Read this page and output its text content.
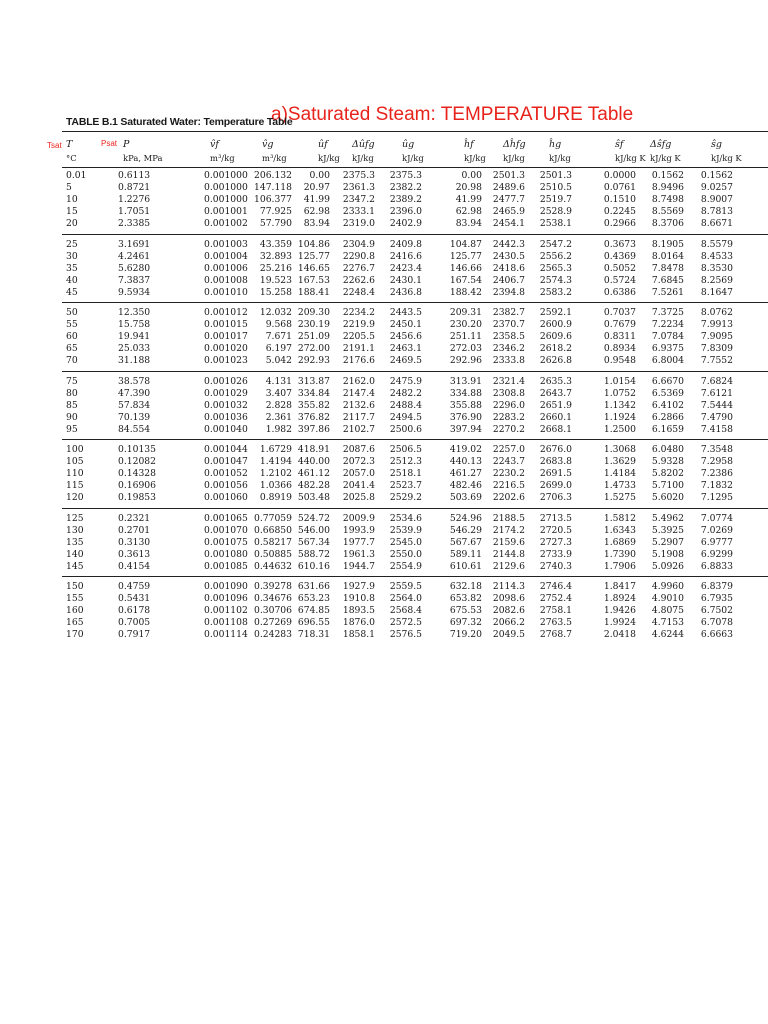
a)Saturated Steam: TEMPERATURE Table
TABLE B.1 Saturated Water: Temperature Table
Tsat	Psat
T	P	v̂f	v̂g	ûf	Δûfg	ûg	ĥf	Δĥfg ĥg	ŝf	Δŝfg	ŝg
°C	kPa, MPa	m³/kg	m³/kg	kJ/kg kJ/kg	kJ/kg	kJ/kg kJ/kg	kJ/kg	kJ/kg K kJ/kg K	kJ/kg K
0.01	0.6113	0.001000 206.132 0.00 2375.3 2375.3	0.00 2501.3 2501.3	0.0000 0.1562 0.1562
5	0.8721	0.001000 147.118 20.97 2361.3 2382.2	20.98 2489.6 2510.5	0.0761 8.9496 9.0257
10	1.2276	0.001000 106.377 41.99 2347.2 2389.2	41.99 2477.7 2519.7	0.1510 8.7498 8.9007
15	1.7051	0.001001 77.925 62.98 2333.1 2396.0	62.98 2465.9 2528.9	0.2245 8.5569 8.7813
20	2.3385	0.001002 57.790 83.94 2319.0 2402.9	83.94 2454.1 2538.1	0.2966 8.3706 8.6671
25	3.1691	0.001003 43.359 104.86 2304.9 2409.8	104.87 2442.3 2547.2	0.3673 8.1905 8.5579
30	4.2461	0.001004 32.893 125.77 2290.8 2416.6	125.77 2430.5 2556.2	0.4369 8.0164 8.4533
35	5.6280	0.001006 25.216 146.65 2276.7 2423.4	146.66 2418.6 2565.3	0.5052 7.8478 8.3530
40	7.3837	0.001008 19.523 167.53 2262.6 2430.1	167.54 2406.7 2574.3	0.5724 7.6845 8.2569
45	9.5934	0.001010 15.258 188.41 2248.4 2436.8	188.42 2394.8 2583.2	0.6386 7.5261 8.1647
50	12.350	0.001012 12.032 209.30 2234.2 2443.5	209.31 2382.7 2592.1	0.7037 7.3725 8.0762
55	15.758	0.001015 9.568 230.19 2219.9 2450.1	230.20 2370.7 2600.9	0.7679 7.2234 7.9913
60	19.941	0.001017 7.671 251.09 2205.5 2456.6	251.11 2358.5 2609.6	0.8311 7.0784 7.9095
65	25.033	0.001020 6.197 272.00 2191.1 2463.1	272.03 2346.2 2618.2	0.8934 6.9375 7.8309
70	31.188	0.001023 5.042 292.93 2176.6 2469.5	292.96 2333.8 2626.8	0.9548 6.8004 7.7552
75	38.578	0.001026 4.131 313.87 2162.0 2475.9	313.91 2321.4 2635.3	1.0154 6.6670 7.6824
80	47.390	0.001029 3.407 334.84 2147.4 2482.2	334.88 2308.8 2643.7	1.0752 6.5369 7.6121
85	57.834	0.001032 2.828 355.82 2132.6 2488.4	355.88 2296.0 2651.9	1.1342 6.4102 7.5444
90	70.139	0.001036 2.361 376.82 2117.7 2494.5	376.90 2283.2 2660.1	1.1924 6.2866 7.4790
95	84.554	0.001040 1.982 397.86 2102.7 2500.6	397.94 2270.2 2668.1	1.2500 6.1659 7.4158
100	0.10135	0.001044 1.6729 418.91 2087.6 2506.5	419.02 2257.0 2676.0	1.3068 6.0480 7.3548
105	0.12082	0.001047 1.4194 440.00 2072.3 2512.3	440.13 2243.7 2683.8	1.3629 5.9328 7.2958
110	0.14328	0.001052 1.2102 461.12 2057.0 2518.1	461.27 2230.2 2691.5	1.4184 5.8202 7.2386
115	0.16906	0.001056 1.0366 482.28 2041.4 2523.7	482.46 2216.5 2699.0	1.4733 5.7100 7.1832
120	0.19853	0.001060 0.8919 503.48 2025.8 2529.2	503.69 2202.6 2706.3	1.5275 5.6020 7.1295
125	0.2321	0.001065 0.77059 524.72 2009.9 2534.6	524.96 2188.5 2713.5	1.5812 5.4962 7.0774
130	0.2701	0.001070 0.66850 546.00 1993.9 2539.9	546.29 2174.2 2720.5	1.6343 5.3925 7.0269
135	0.3130	0.001075 0.58217 567.34 1977.7 2545.0	567.67 2159.6 2727.3	1.6869 5.2907 6.9777
140	0.3613	0.001080 0.50885 588.72 1961.3 2550.0	589.11 2144.8 2733.9	1.7390 5.1908 6.9299
145	0.4154	0.001085 0.44632 610.16 1944.7 2554.9	610.61 2129.6 2740.3	1.7906 5.0926 6.8833
150	0.4759	0.001090 0.39278 631.66 1927.9 2559.5	632.18 2114.3 2746.4	1.8417 4.9960 6.8379
155	0.5431	0.001096 0.34676 653.23 1910.8 2564.0	653.82 2098.6 2752.4	1.8924 4.9010 6.7935
160	0.6178	0.001102 0.30706 674.85 1893.5 2568.4	675.53 2082.6 2758.1	1.9426 4.8075 6.7502
165	0.7005	0.001108 0.27269 696.55 1876.0 2572.5	697.32 2066.2 2763.5	1.9924 4.7153 6.7078
170	0.7917	0.001114 0.24283 718.31 1858.1 2576.5	719.20 2049.5 2768.7	2.0418 4.6244 6.6663
